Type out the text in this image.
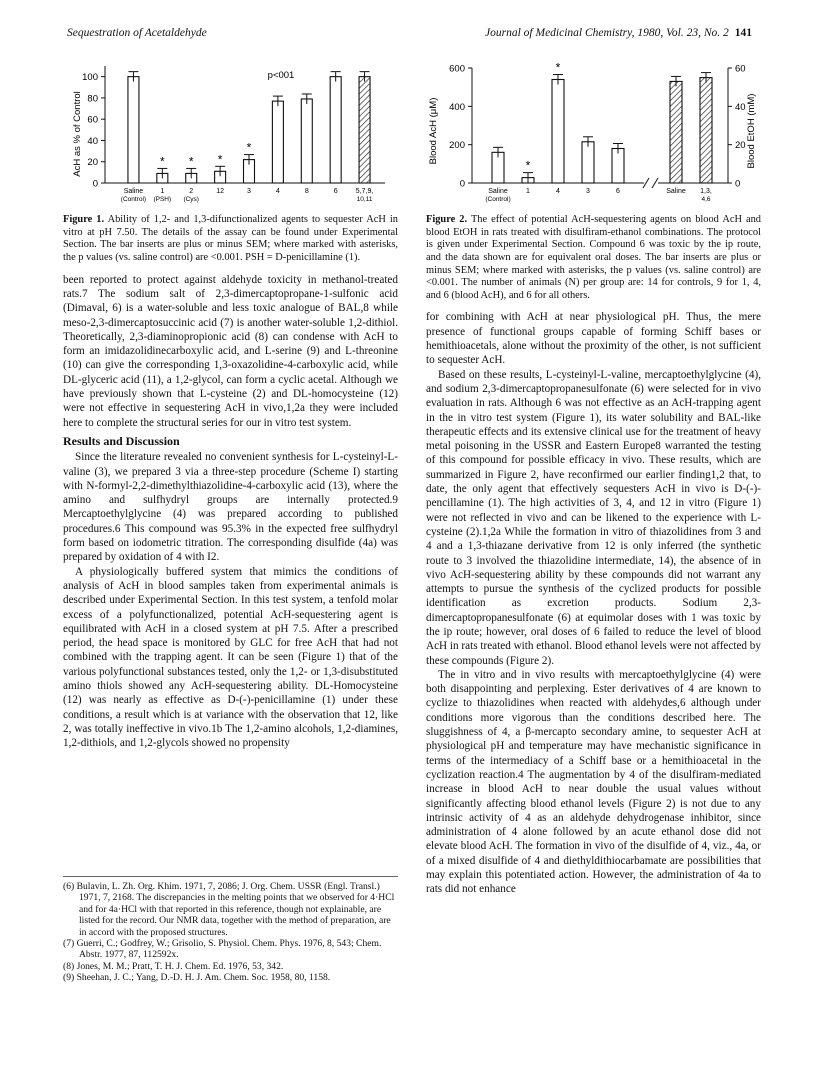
Sequestration of Acetaldehyde	Journal of Medicinal Chemistry, 1980, Vol. 23, No. 2 141
AcH as % of Control
p<001
0
20
40
60
80
100
Saline
(Control)
*
1
(PSH)
*
2
(Cys)
*
12
*
3	4	8	6	5,7,9,
10,11
Figure 1. Ability of 1,2- and 1,3-difunctionalized agents to sequester AcH in vitro at pH 7.50. The details of the assay can be found under Experimental Section. The bar inserts are plus or minus SEM; where marked with asterisks, the p values (vs. saline control) are <0.001. PSH = D-penicillamine (1).

been reported to protect against aldehyde toxicity in methanol-treated rats.7 The sodium salt of 2,3-dimercaptopropane-1-sulfonic acid (Dimaval, 6) is a water-soluble and less toxic analogue of BAL,8 while meso-2,3-dimercaptosuccinic acid (7) is another water-soluble 1,2-dithiol. Theoretically, 2,3-diaminopropionic acid (8) can condense with AcH to form an imidazolidinecarboxylic acid, and L-serine (9) and L-threonine (10) can give the corresponding 1,3-oxazolidine-4-carboxylic acid, while DL-glyceric acid (11), a 1,2-glycol, can form a cyclic acetal. Although we have previously shown that L-cysteine (2) and DL-homocysteine (12) were not effective in sequestering AcH in vivo,1,2a they were included here to complete the structural series for our in vitro test system.

Results and Discussion

Since the literature revealed no convenient synthesis for L-cysteinyl-L-valine (3), we prepared 3 via a three-step procedure (Scheme I) starting with N-formyl-2,2-dimethylthiazolidine-4-carboxylic acid (13), where the amino and sulfhydryl groups are internally protected.9 Mercaptoethylglycine (4) was prepared according to published procedures.6 This compound was 95.3% in the expected free sulfhydryl form based on iodometric titration. The corresponding disulfide (4a) was prepared by oxidation of 4 with I2.

A physiologically buffered system that mimics the conditions of analysis of AcH in blood samples taken from experimental animals is described under Experimental Section. In this test system, a tenfold molar excess of a polyfunctionalized, potential AcH-sequestering agent is equilibrated with AcH in a closed system at pH 7.5. After a prescribed period, the head space is monitored by GLC for free AcH that had not combined with the trapping agent. It can be seen (Figure 1) that of the various polyfunctional substances tested, only the 1,2- or 1,3-disubstituted amino thiols showed any AcH-sequestering ability. DL-Homocysteine (12) was nearly as effective as D-(-)-penicillamine (1) under these conditions, a result which is at variance with the observation that 12, like 2, was totally ineffective in vivo.1b The 1,2-amino alcohols, 1,2-diamines, 1,2-dithiols, and 1,2-glycols showed no propensity

(6) Bulavin, L. Zh. Org. Khim. 1971, 7, 2086; J. Org. Chem. USSR (Engl. Transl.) 1971, 7, 2168. The discrepancies in the melting points that we observed for 4·HCl and for 4a·HCl with that reported in this reference, though not explainable, are listed for the record. Our NMR data, together with the method of preparation, are in accord with the proposed structures.

(7) Guerri, C.; Godfrey, W.; Grisolio, S. Physiol. Chem. Phys. 1976, 8, 543; Chem. Abstr. 1977, 87, 112592x.

(8) Jones, M. M.; Pratt, T. H. J. Chem. Ed. 1976, 53, 342.

(9) Sheehan, J. C.; Yang, D.-D. H. J. Am. Chem. Soc. 1958, 80, 1158.

Blood AcH (μM)	Blood EtOH (mM)
0
200
400
600
0
20
40
60
Saline
(Control)
*
1
*
4	3	6	Saline 1,3,
4,6
Figure 2. The effect of potential AcH-sequestering agents on blood AcH and blood EtOH in rats treated with disulfiram-ethanol combinations. The protocol is given under Experimental Section. Compound 6 was toxic by the ip route, and the data shown are for equivalent oral doses. The bar inserts are plus or minus SEM; where marked with asterisks, the p values (vs. saline control) are <0.001. The number of animals (N) per group are: 14 for controls, 9 for 1, 4, and 6 (blood AcH), and 6 for all others.

for combining with AcH at near physiological pH. Thus, the mere presence of functional groups capable of forming Schiff bases or hemithioacetals, alone without the proximity of the other, is not sufficient to sequester AcH.

Based on these results, L-cysteinyl-L-valine, mercaptoethylglycine (4), and sodium 2,3-dimercaptopropanesulfonate (6) were selected for in vivo evaluation in rats. Although 6 was not effective as an AcH-trapping agent in the in vitro test system (Figure 1), its water solubility and BAL-like therapeutic effects and its extensive clinical use for the treatment of heavy metal poisoning in the USSR and Eastern Europe8 warranted the testing of this compound for possible efficacy in vivo. These results, which are summarized in Figure 2, have reconfirmed our earlier finding1,2 that, to date, the only agent that effectively sequesters AcH in vivo is D-(-)-pencillamine (1). The high activities of 3, 4, and 12 in vitro (Figure 1) were not reflected in vivo and can be likened to the experience with L-cysteine (2).1,2a While the formation in vitro of thiazolidines from 3 and 4 and a 1,3-thiazane derivative from 12 is only inferred (the synthetic route to 3 involved the thiazolidine intermediate, 14), the absence of in vivo AcH-sequestering ability by these compounds did not warrant any attempts to pursue the synthesis of the cyclized products for possible identification as excretion products. Sodium 2,3-dimercaptopropanesulfonate (6) at equimolar doses with 1 was toxic by the ip route; however, oral doses of 6 failed to reduce the level of blood AcH in rats treated with ethanol. Blood ethanol levels were not affected by these compounds (Figure 2).

The in vitro and in vivo results with mercaptoethylglycine (4) were both disappointing and perplexing. Ester derivatives of 4 are known to cyclize to thiazolidines when reacted with aldehydes,6 although under conditions more vigorous than the conditions described here. The sluggishness of 4, a β-mercapto secondary amine, to sequester AcH at physiological pH and temperature may have mechanistic significance in terms of the intermediacy of a Schiff base or a hemithioacetal in the cyclization reaction.4 The augmentation by 4 of the disulfiram-mediated increase in blood AcH to near double the usual values without significantly affecting blood ethanol levels (Figure 2) is not due to any intrinsic activity of 4 as an aldehyde dehydrogenase inhibitor, since administration of 4 alone followed by an acute ethanol dose did not elevate blood AcH. The formation in vivo of the disulfide of 4, viz., 4a, or of a mixed disulfide of 4 and diethyldithiocarbamate are possibilities that may explain this potentiated action. However, the administration of 4a to rats did not enhance
